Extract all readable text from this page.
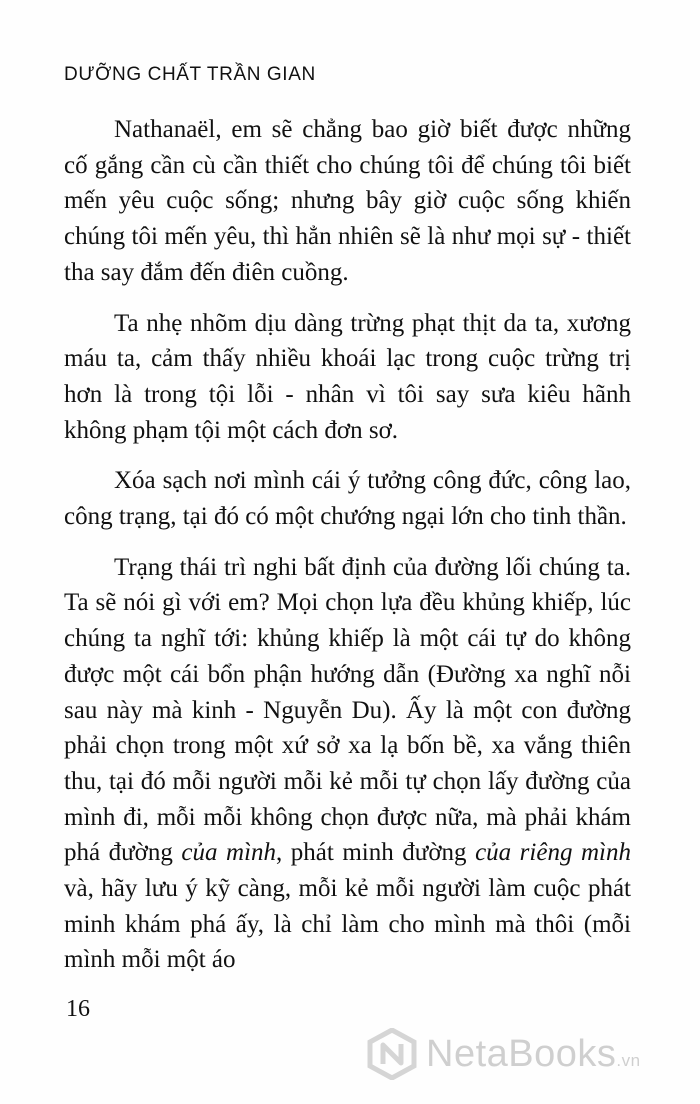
DƯỠNG CHẤT TRẦN GIAN

Nathanaël, em sẽ chẳng bao giờ biết được những cố gắng cần cù cần thiết cho chúng tôi để chúng tôi biết mến yêu cuộc sống; nhưng bây giờ cuộc sống khiến chúng tôi mến yêu, thì hẳn nhiên sẽ là như mọi sự - thiết tha say đắm đến điên cuồng.

Ta nhẹ nhõm dịu dàng trừng phạt thịt da ta, xương máu ta, cảm thấy nhiều khoái lạc trong cuộc trừng trị hơn là trong tội lỗi - nhân vì tôi say sưa kiêu hãnh không phạm tội một cách đơn sơ.

Xóa sạch nơi mình cái ý tưởng công đức, công lao, công trạng, tại đó có một chướng ngại lớn cho tinh thần.

Trạng thái trì nghi bất định của đường lối chúng ta. Ta sẽ nói gì với em? Mọi chọn lựa đều khủng khiếp, lúc chúng ta nghĩ tới: khủng khiếp là một cái tự do không được một cái bổn phận hướng dẫn (Đường xa nghĩ nỗi sau này mà kinh - Nguyễn Du). Ấy là một con đường phải chọn trong một xứ sở xa lạ bốn bề, xa vắng thiên thu, tại đó mỗi người mỗi kẻ mỗi tự chọn lấy đường của mình đi, mỗi mỗi không chọn được nữa, mà phải khám phá đường của mình, phát minh đường của riêng mình và, hãy lưu ý kỹ càng, mỗi kẻ mỗi người làm cuộc phát minh khám phá ấy, là chỉ làm cho mình mà thôi (mỗi mình mỗi một áo

16
NetaBooks.vn
